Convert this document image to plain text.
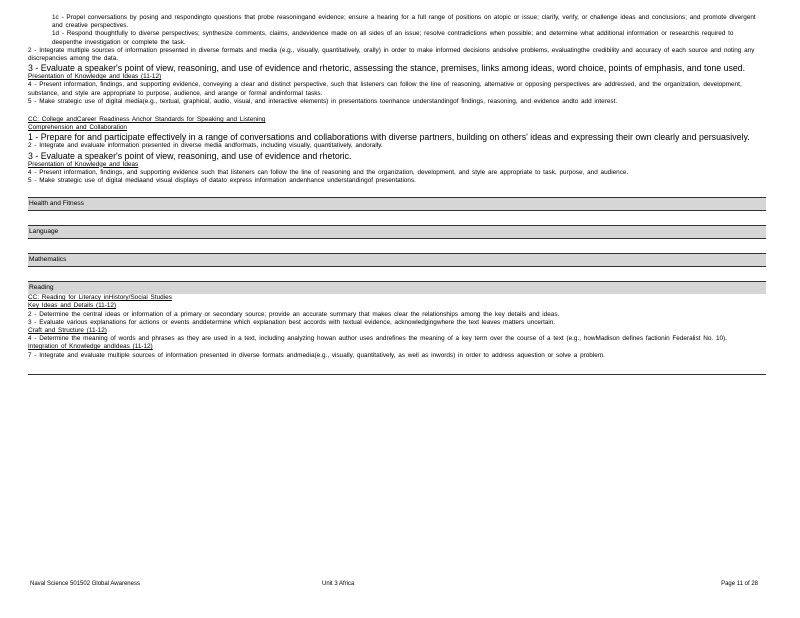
1c - Propel conversations by posing and respondingto questions that probe reasoningand evidence; ensure a hearing for a full range of positions on atopic or issue; clarify, verify, or challenge ideas and conclusions; and promote divergent and creative perspectives.
1d - Respond thoughtfully to diverse perspectives; synthesize comments, claims, andevidence made on all sides of an issue; resolve contradictions when possible; and determine what additional information or researchis required to deepenthe investigation or complete the task.
2 - Integrate multiple sources of information presented in diverse formats and media (e.g., visually, quantitatively, orally) in order to make informed decisions andsolve problems, evaluatingthe credibility and accuracy of each source and noting any discrepancies among the data.
3 - Evaluate a speaker's point of view, reasoning, and use of evidence and rhetoric, assessing the stance, premises, links among ideas, word choice, points of emphasis, and tone used.
Presentation of Knowledge and Ideas (11-12)
4 - Present information, findings, and supporting evidence, conveying a clear and distinct perspective, such that listeners can follow the line of reasoning, alternative or opposing perspectives are addressed, and the organization, development, substance, and style are appropriate to purpose, audience, and arange or formal andinformal tasks.
5 - Make strategic use of digital media(e.g., textual, graphical, audio, visual, and interactive elements) in presentations toenhance understandingof findings, reasoning, and evidence andto add interest.
CC: College andCareer Readiness Anchor Standards for Speaking and Listening
Comprehension and Collaboration
1 - Prepare for and participate effectively in a range of conversations and collaborations with diverse partners, building on others' ideas and expressing their own clearly and persuasively.
2 - Integrate and evaluate information presented in diverse media andformats, including visually, quantitatively, andorally.
3 - Evaluate a speaker's point of view, reasoning, and use of evidence and rhetoric.
Presentation of Knowledge and Ideas
4 - Present information, findings, and supporting evidence such that listeners can follow the line of reasoning and the organization, development, and style are appropriate to task, purpose, and audience.
5 - Make strategic use of digital mediaand visual displays of datato express information andenhance understandingof presentations.
Health and Fitness
Language
Mathematics
Reading
CC: Reading for Literacy inHistory/Social Studies
Key Ideas and Details (11-12)
2 - Determine the central ideas or information of a primary or secondary source; provide an accurate summary that makes clear the relationships among the key details and ideas.
3 - Evaluate various explanations for actions or events anddetermine which explanation best accords with textual evidence, acknowledgingwhere the text leaves matters uncertain.
Craft and Structure (11-12)
4 - Determine the meaning of words and phrases as they are used in a text, including analyzing howan author uses andrefines the meaning of a key term over the course of a text (e.g., howMadison defines factionin Federalist No. 10).
Integration of Knowledge andIdeas (11-12)
7 - Integrate and evaluate multiple sources of information presented in diverse formats andmedia(e.g., visually, quantitatively, as well as inwords) in order to address aquestion or solve a problem.
Naval Science 501502 Global Awareness	Unit 3 Africa	Page 11 of 28
